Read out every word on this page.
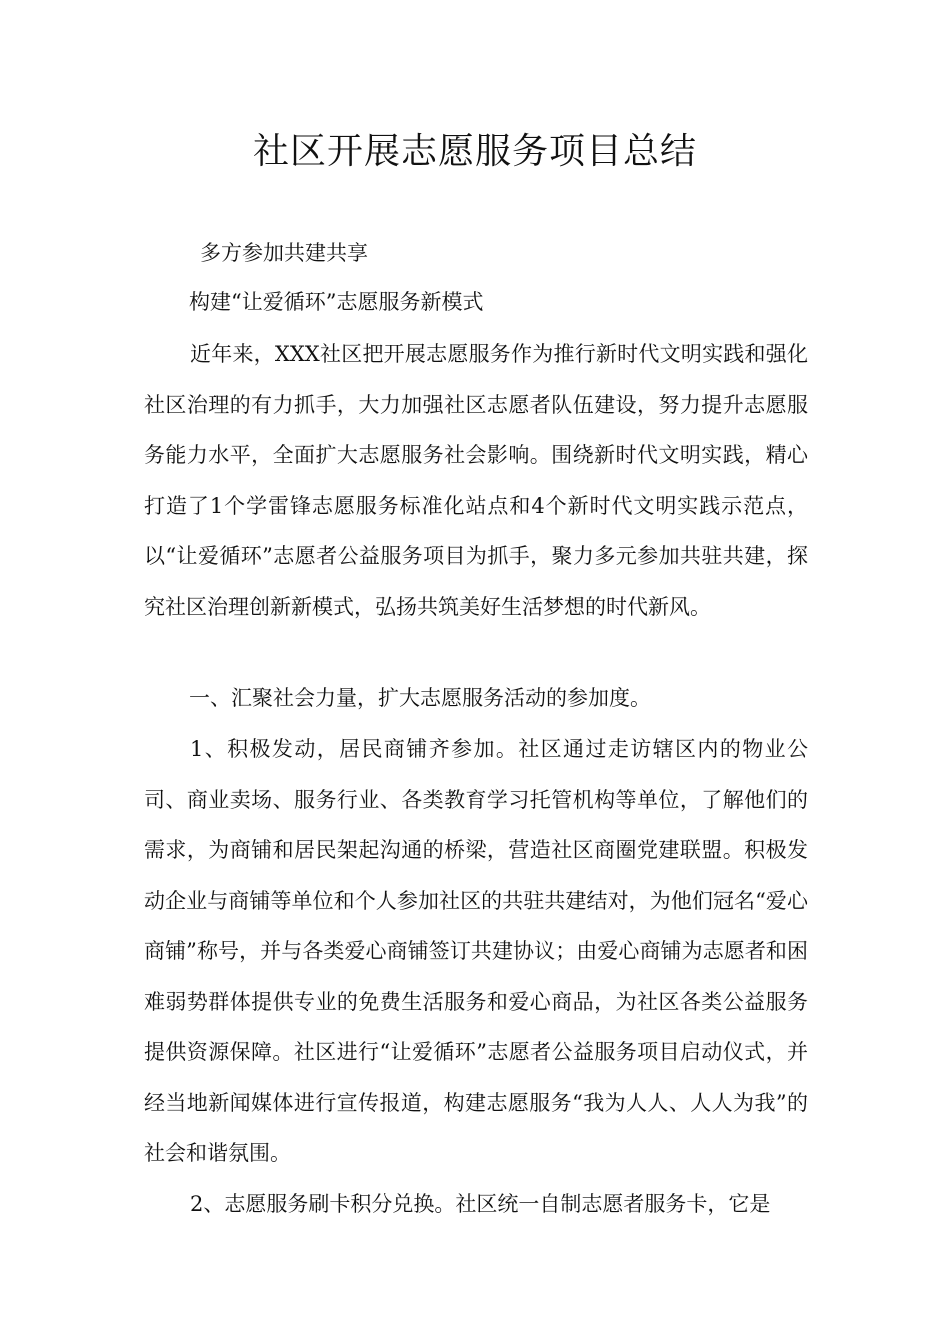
社区开展志愿服务项目总结

多方参加共建共享

构建“让爱循环”志愿服务新模式

近年来，XXX社区把开展志愿服务作为推行新时代文明实践和强化社区治理的有力抓手，大力加强社区志愿者队伍建设，努力提升志愿服务能力水平，全面扩大志愿服务社会影响。围绕新时代文明实践，精心打造了1个学雷锋志愿服务标准化站点和4个新时代文明实践示范点，以“让爱循环”志愿者公益服务项目为抓手，聚力多元参加共驻共建，探究社区治理创新新模式，弘扬共筑美好生活梦想的时代新风。

一、汇聚社会力量，扩大志愿服务活动的参加度。

1、积极发动，居民商铺齐参加。社区通过走访辖区内的物业公司、商业卖场、服务行业、各类教育学习托管机构等单位，了解他们的需求，为商铺和居民架起沟通的桥梁，营造社区商圈党建联盟。积极发动企业与商铺等单位和个人参加社区的共驻共建结对，为他们冠名“爱心商铺”称号，并与各类爱心商铺签订共建协议；由爱心商铺为志愿者和困难弱势群体提供专业的免费生活服务和爱心商品，为社区各类公益服务提供资源保障。社区进行“让爱循环”志愿者公益服务项目启动仪式，并经当地新闻媒体进行宣传报道，构建志愿服务“我为人人、人人为我”的社会和谐氛围。

2、志愿服务刷卡积分兑换。社区统一自制志愿者服务卡，它是
